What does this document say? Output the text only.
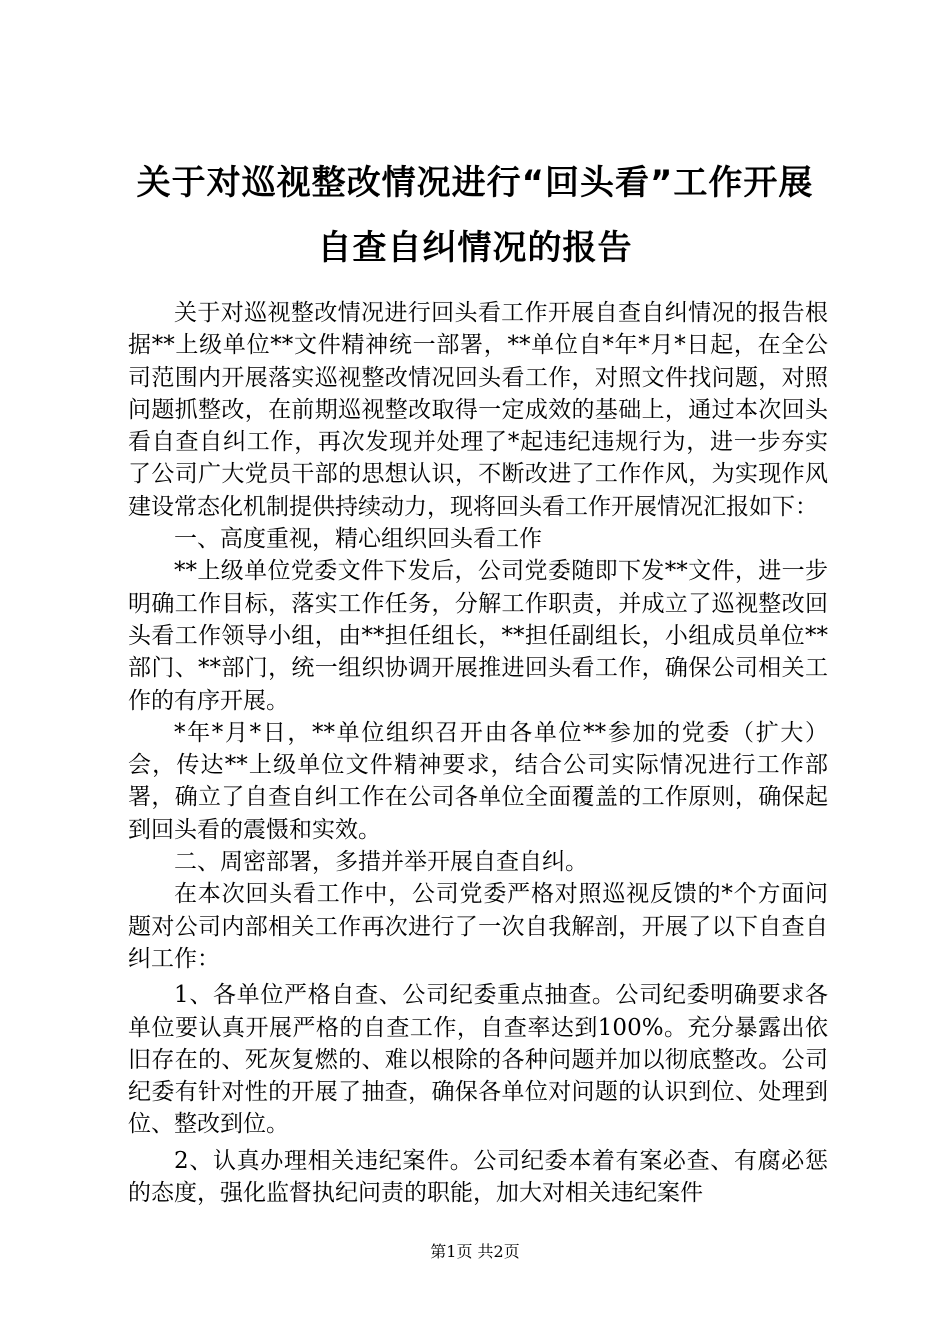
关于对巡视整改情况进行“回头看”工作开展
自查自纠情况的报告

关于对巡视整改情况进行回头看工作开展自查自纠情况的报告根据**上级单位**文件精神统一部署，**单位自*年*月*日起，在全公司范围内开展落实巡视整改情况回头看工作，对照文件找问题，对照问题抓整改，在前期巡视整改取得一定成效的基础上，通过本次回头看自查自纠工作，再次发现并处理了*起违纪违规行为，进一步夯实了公司广大党员干部的思想认识，不断改进了工作作风，为实现作风建设常态化机制提供持续动力，现将回头看工作开展情况汇报如下：

一、高度重视，精心组织回头看工作

**上级单位党委文件下发后，公司党委随即下发**文件，进一步明确工作目标，落实工作任务，分解工作职责，并成立了巡视整改回头看工作领导小组，由**担任组长，**担任副组长，小组成员单位**部门、**部门，统一组织协调开展推进回头看工作，确保公司相关工作的有序开展。

*年*月*日，**单位组织召开由各单位**参加的党委（扩大）会，传达**上级单位文件精神要求，结合公司实际情况进行工作部署，确立了自查自纠工作在公司各单位全面覆盖的工作原则，确保起到回头看的震慑和实效。

二、周密部署，多措并举开展自查自纠。

在本次回头看工作中，公司党委严格对照巡视反馈的*个方面问题对公司内部相关工作再次进行了一次自我解剖，开展了以下自查自纠工作：

1、各单位严格自查、公司纪委重点抽查。公司纪委明确要求各单位要认真开展严格的自查工作，自查率达到100%。充分暴露出依旧存在的、死灰复燃的、难以根除的各种问题并加以彻底整改。公司纪委有针对性的开展了抽查，确保各单位对问题的认识到位、处理到位、整改到位。

2、认真办理相关违纪案件。公司纪委本着有案必查、有腐必惩的态度，强化监督执纪问责的职能，加大对相关违纪案件

第1页 共2页
